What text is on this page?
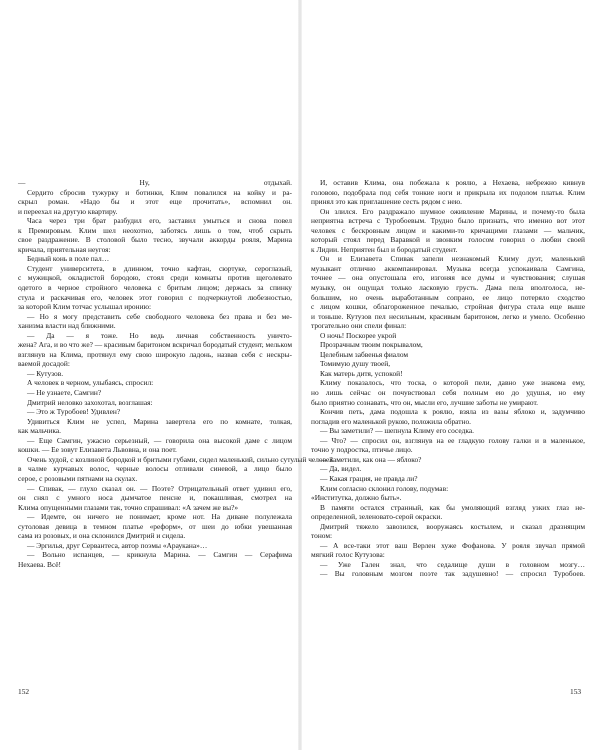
— Ну, отдыхай.
Сердито сбросив тужурку и ботинки, Клим повалился на койку и ра-
скрыл роман. «Надо бы и этот еще прочитать», вспомнил он.
и переехал на другую квартиру.
Часа через три брат разбудил его, заставил умыться и снова повел
к Премировым. Клим шел неохотно, заботясь лишь о том, чтоб скрыть
свое раздражение. В столовой было тесно, звучали аккорды рояля, Марина
кричала, приятельная неугоя:
Бедный конь в поле пал…
Студент университета, в длинном, точно кафтан, сюртуке, сероглазый,
с мужицкой, окладистой бородою, стоял среди комнаты против щеголевато
одетого в черное стройного человека с бритым лицом; держась за спинку
стула и раскачивая его, человек этот говорил с подчеркнутой любезностью,
за которой Клим тотчас услышал иронию:
— Но я могу представить себе свободного человека без права и без ме-
ханизма власти над ближними.
— Да — я тоже. Но ведь личная собственность уничто-
жена? Ага, и во что же? — красивым баритоном вскричал бородатый студент, мельком
взглянув на Клима, протянул ему свою широкую ладонь, назвав себя с нескры-
ваемой досадой:
— Кутузов.
А человек в черном, улыбаясь, спросил:
— Не узнаете, Самгин?
Дмитрий неловко захохотал, возглашая:
— Это ж Туробоев! Удивлен?
Удивиться Клим не успел, Марина завертела его по комнате, толкая,
как мальчика.
— Еще Самгин, ужасно серьезный, — говорила она высокой даме с лицом
кошки. — Ее зовут Елизавета Львовна, и она поет.
Очень худой, с козлиной бородкой и бритыми губами, сидел маленький, сильно сутулый человек
в чалме курчавых волос, черные волосы отливали синевой, а лицо было
серое, с розовыми пятнами на скулах.
— Спивак, — глухо сказал он. — Поэте? Отрицательный ответ удивил его,
он снял с умного носа дымчатое пенсне и, покашливая, смотрел на
Клима опущенными глазами так, точно спрашивал: «А зачем же вы?»
— Идемте, он ничего не понимает, кроме нот. На диване полулежала
сутоловая девица в темном платье «реформ», от шеи до юбки увешанная
сама из розовых, и она склонился Дмитрий и сидела.
— Эргилья, друг Сервантеса, автор поэмы «Араукана»…
— Вольно испанцев, — крикнула Марина. — Самгин — Серафима
Нехаева. Всё!
И, оставив Клима, она побежала к роялю, а Нехаева, небрежно кивнув
головою, подобрала под себя тонкие ноги и прикрыла их подолом платья. Клим
принял это как приглашение сесть рядом с нею.
Он злился. Его раздражало шумное оживление Марины, и почему-то была
неприятна встреча с Туробоевым. Трудно было признать, что именно вот этот
человек с бескровным лицом и какими-то кричащими глазами — мальчик,
который стоял перед Варавкой и звонким голосом говорил о любви своей
к Лидии. Неприятен был и бородатый студент.
Он и Елизавета Спивак запели незнакомый Климу дуэт, маленький
музыкант отлично аккомпанировал. Музыка всегда успокаивала Самгина,
точнее — она опустошала его, изгоняя все думы и чувствования; слушая
музыку, он ощущал только ласковую грусть. Дама пела вполголоса, не-
большим, но очень выработанным сопрано, ее лицо потеряло сходство
с лицом кошки, облагороженное печалью, стройная фигура стала еще выше
и тоньше. Кутузов пел несильным, красивым баритоном, легко и умело. Особенно
трогательно они спели финал:
О ночь! Поскорее укрой
Прозрачным твоим покрывалом,
Целебным забвенья фиалом
Томимую душу твоей,
Как матерь дитя, успокой!
Климу показалось, что тоска, о которой пели, давно уже знакома ему,
но лишь сейчас он почувствовал себя полным ею до удушья, но ему
было приятно сознавать, что он, мысли его, лучшие заботы не умирают.
Кончив петь, дама подошла к роялю, взяла из вазы яблоко и, задумчиво
погладив его маленькой рукою, положила обратно.
— Вы заметили? — шепнула Климу его соседка.
— Что? — спросил он, взглянув на ее гладкую голову галки и в маленькое,
точно у подростка, птичье лицо.
— Заметили, как она — яблоко?
— Да, видел.
— Какая грация, не правда ли?
Клим согласно склонил голову, подумав:
«Институтка, должно быть».
В памяти остался странный, как бы умоляющий взгляд узких глаз не-
определенной, зеленовато-серой окраски.
Дмитрий тяжело завозился, вооружаясь костылем, и сказал дразнящим
тоном:
— А все-таки этот ваш Верлен хуже Фофанова. У рояля звучал прямой
мягкий голос Кутузова:
— Уже Гален знал, что седалище души в головном мозгу…
— Вы головным мозгом поэте так задушевно! — спросил Туробоев.
152	153
